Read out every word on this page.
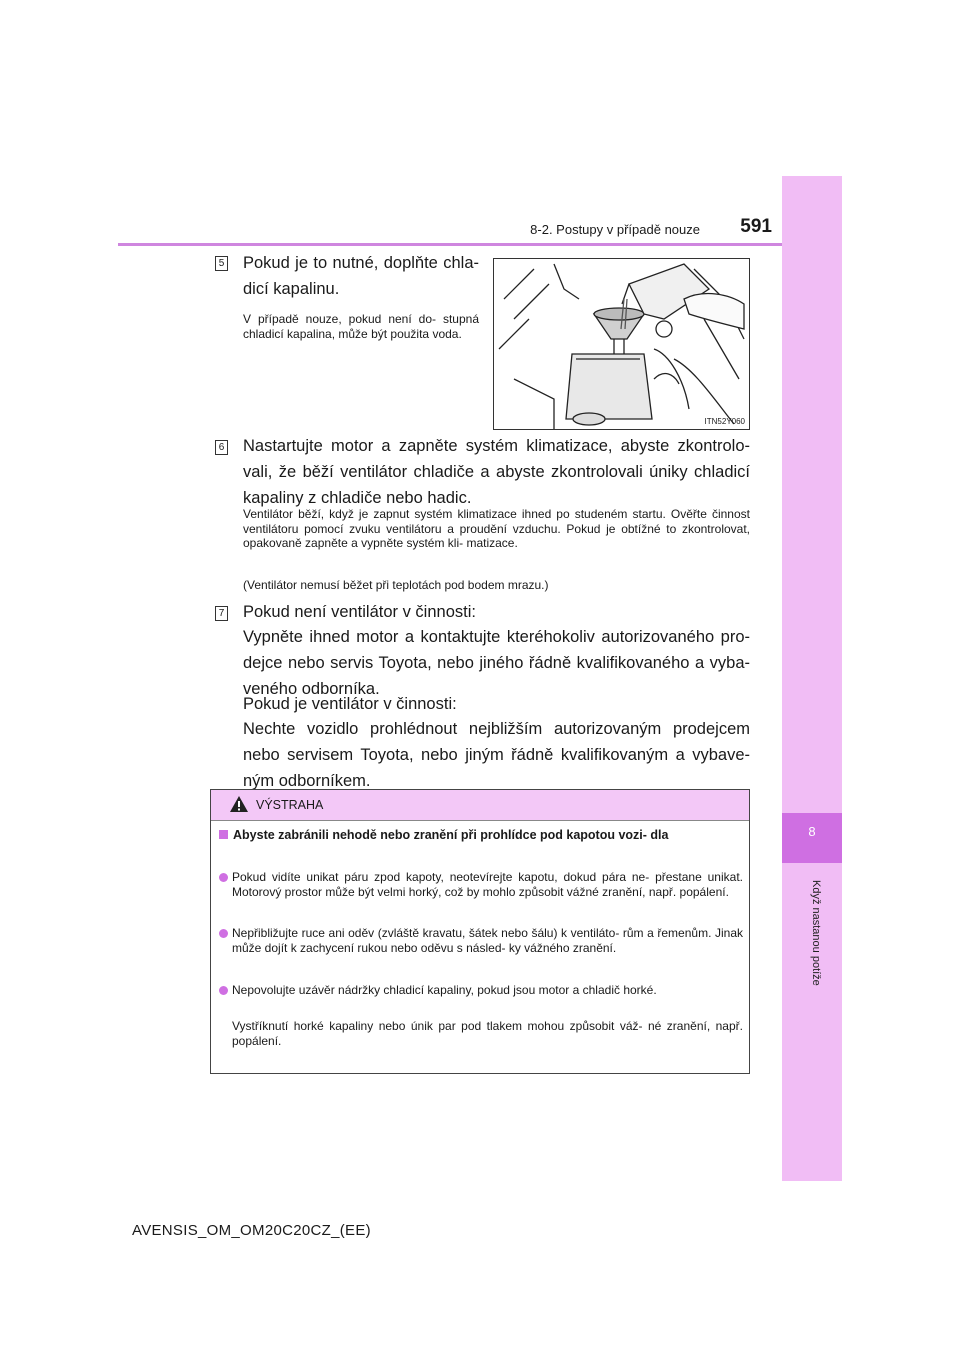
8-2. Postupy v případě nouze	591
8
Když nastanou potíže
5 Pokud je to nutné, doplňte chla- dicí kapalinu.
V případě nouze, pokud není do- stupná chladicí kapalina, může být použita voda.
ITN52Y060
6 Nastartujte motor a zapněte systém klimatizace, abyste zkontrolo- vali, že běží ventilátor chladiče a abyste zkontrolovali úniky chladicí kapaliny z chladiče nebo hadic.
Ventilátor běží, když je zapnut systém klimatizace ihned po studeném startu. Ověřte činnost ventilátoru pomocí zvuku ventilátoru a proudění vzduchu. Pokud je obtížné to zkontrolovat, opakovaně zapněte a vypněte systém kli- matizace.
(Ventilátor nemusí běžet při teplotách pod bodem mrazu.)
7 Pokud není ventilátor v činnosti:
Vypněte ihned motor a kontaktujte kteréhokoliv autorizovaného pro- dejce nebo servis Toyota, nebo jiného řádně kvalifikovaného a vyba- veného odborníka.
Pokud je ventilátor v činnosti:
Nechte vozidlo prohlédnout nejbližším autorizovaným prodejcem nebo servisem Toyota, nebo jiným řádně kvalifikovaným a vybave- ným odborníkem.
VÝSTRAHA
Abyste zabránili nehodě nebo zranění při prohlídce pod kapotou vozi- dla
Pokud vidíte unikat páru zpod kapoty, neotevírejte kapotu, dokud pára ne- přestane unikat. Motorový prostor může být velmi horký, což by mohlo způsobit vážné zranění, např. popálení.
Nepřibližujte ruce ani oděv (zvláště kravatu, šátek nebo šálu) k ventiláto- rům a řemenům. Jinak může dojít k zachycení rukou nebo oděvu s násled- ky vážného zranění.
Nepovolujte uzávěr nádržky chladicí kapaliny, pokud jsou motor a chladič horké.
Vystříknutí horké kapaliny nebo únik par pod tlakem mohou způsobit váž- né zranění, např. popálení.
AVENSIS_OM_OM20C20CZ_(EE)
